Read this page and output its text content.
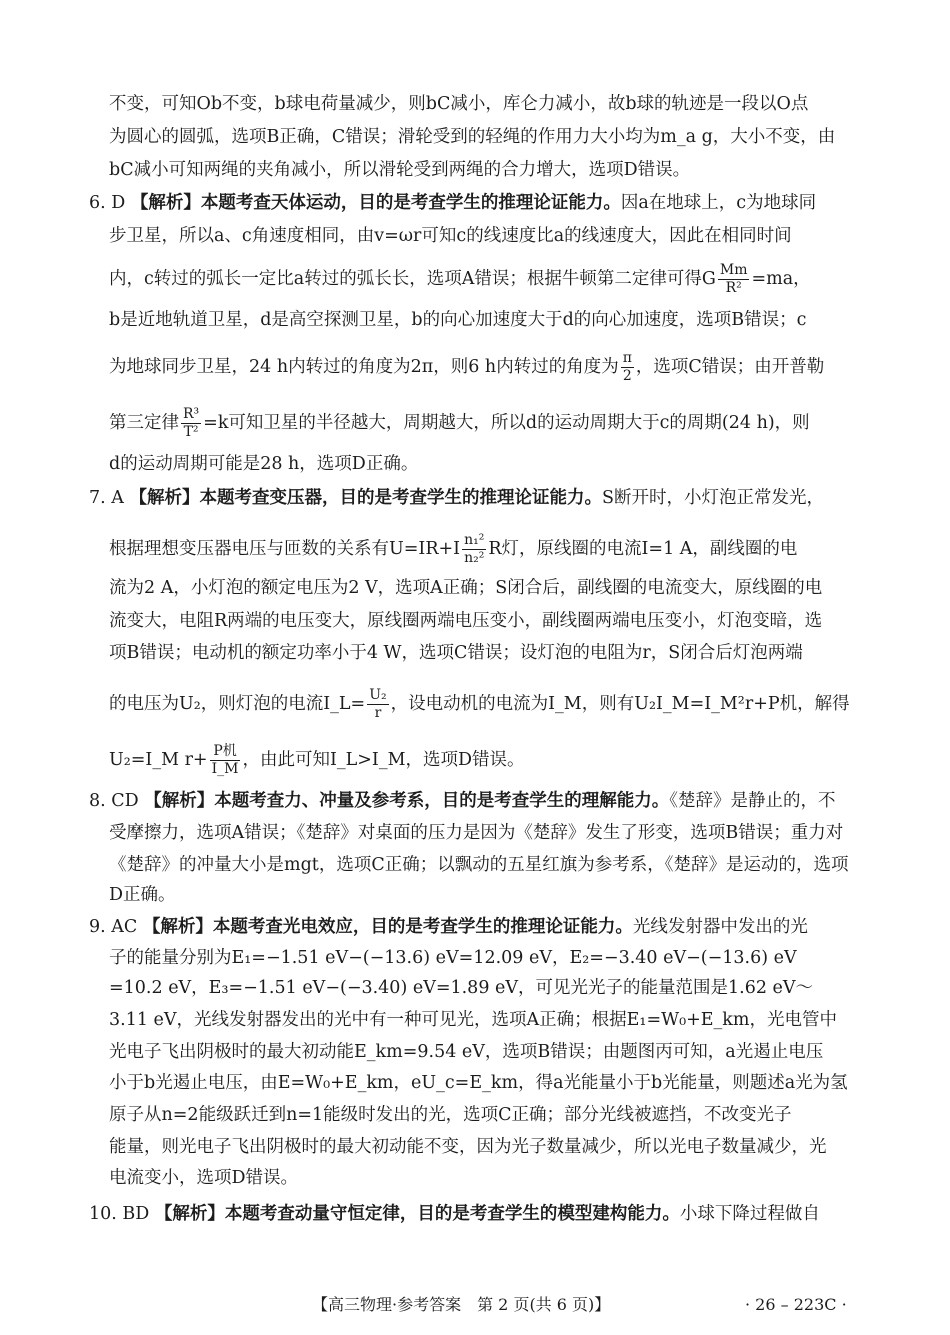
不变，可知Ob不变，b球电荷量减少，则bC减小，库仑力减小，故b球的轨迹是一段以O点
为圆心的圆弧，选项B正确，C错误；滑轮受到的轻绳的作用力大小均为m_a g，大小不变，由
bC减小可知两绳的夹角减小，所以滑轮受到两绳的合力增大，选项D错误。
6. D 【解析】本题考查天体运动，目的是考查学生的推理论证能力。因a在地球上，c为地球同
步卫星，所以a、c角速度相同，由v=ωr可知c的线速度比a的线速度大，因此在相同时间
内，c转过的弧长一定比a转过的弧长长，选项A错误；根据牛顿第二定律可得G $\frac{Mm}{\text{R²}} =ma$，
b是近地轨道卫星，d是高空探测卫星，b的向心加速度大于d的向心加速度，选项B错误；c
为地球同步卫星，24 h内转过的角度为2π，则6 h内转过的角度为 $\frac{\pi}{2}$ ，选项C错误；由开普勒
第三定律 $\frac{\text{R³}}{\text{T²}} =k$可知卫星的半径越大，周期越大，所以d的运动周期大于c的周期(24 h)，则
d的运动周期可能是28 h，选项D正确。
7. A 【解析】本题考查变压器，目的是考查学生的推理论证能力。S断开时，小灯泡正常发光，
根据理想变压器电压与匝数的关系有$U=IR+I \frac{\text{n₁²}}{\text{n₂²}}$ R灯，原线圈的电流I=1 A，副线圈的电
流为2 A，小灯泡的额定电压为2 V，选项A正确；S闭合后，副线圈的电流变大，原线圈的电
流变大，电阻R两端的电压变大，原线圈两端电压变小，副线圈两端电压变小，灯泡变暗，选
项B错误；电动机的额定功率小于4 W，选项C错误；设灯泡的电阻为r，S闭合后灯泡两端
的电压为U₂，则灯泡的电流I_L= $\frac{\text{U₂}}{r}$ ，设电动机的电流为I_M，则有U₂I_M=I_M²r+P机，解得
U₂=I_M $r+ \frac{\text{P机}}{I\_M}$ ，由此可知I_L>I_M，选项D错误。
8. CD 【解析】本题考查力、冲量及参考系，目的是考查学生的理解能力。《楚辞》是静止的，不
受摩擦力，选项A错误；《楚辞》对桌面的压力是因为《楚辞》发生了形变，选项B错误；重力对
《楚辞》的冲量大小是mgt，选项C正确；以飘动的五星红旗为参考系，《楚辞》是运动的，选项
D正确。
9. AC 【解析】本题考查光电效应，目的是考查学生的推理论证能力。光线发射器中发出的光
子的能量分别为E₁=−1.51 eV−(−13.6) eV=12.09 eV，E₂=−3.40 eV−(−13.6) eV
=10.2 eV，E₃=−1.51 eV−(−3.40) eV=1.89 eV，可见光光子的能量范围是1.62 eV～
3.11 eV，光线发射器发出的光中有一种可见光，选项A正确；根据E₁=W₀+E_km，光电管中
光电子飞出阴极时的最大初动能E_km=9.54 eV，选项B错误；由题图丙可知，a光遏止电压
小于b光遏止电压，由E=W₀+E_km，eU_c=E_km，得a光能量小于b光能量，则题述a光为氢
原子从n=2能级跃迁到n=1能级时发出的光，选项C正确；部分光线被遮挡，不改变光子
能量，则光电子飞出阴极时的最大初动能不变，因为光子数量减少，所以光电子数量减少，光
电流变小，选项D错误。
10. BD 【解析】本题考查动量守恒定律，目的是考查学生的模型建构能力。小球下降过程做自
【高三物理·参考答案　第 2 页(共 6 页)】	· 26 – 223C ·
